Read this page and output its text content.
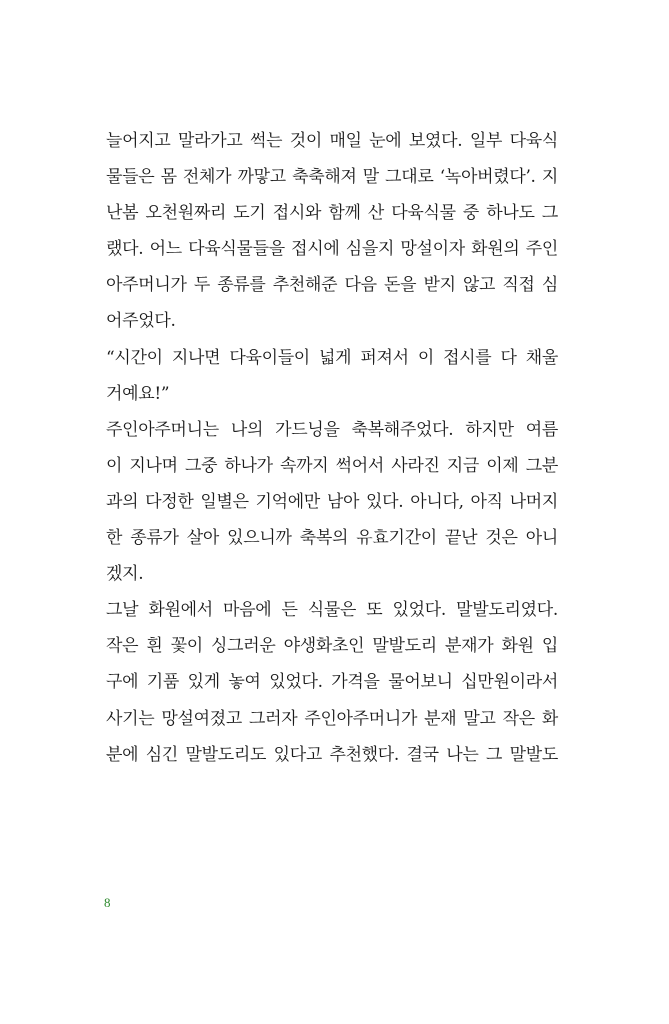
늘어지고 말라가고 썩는 것이 매일 눈에 보였다. 일부 다육식
물들은 몸 전체가 까맣고 축축해져 말 그대로 ‘녹아버렸다’. 지
난봄 오천원짜리 도기 접시와 함께 산 다육식물 중 하나도 그
랬다. 어느 다육식물들을 접시에 심을지 망설이자 화원의 주인
아주머니가 두 종류를 추천해준 다음 돈을 받지 않고 직접 심
어주었다.
“시간이 지나면 다육이들이 넓게 퍼져서 이 접시를 다 채울
거예요!”
주인아주머니는 나의 가드닝을 축복해주었다. 하지만 여름
이 지나며 그중 하나가 속까지 썩어서 사라진 지금 이제 그분
과의 다정한 일별은 기억에만 남아 있다. 아니다, 아직 나머지
한 종류가 살아 있으니까 축복의 유효기간이 끝난 것은 아니
겠지.
그날 화원에서 마음에 든 식물은 또 있었다. 말발도리였다.
작은 흰 꽃이 싱그러운 야생화초인 말발도리 분재가 화원 입
구에 기품 있게 놓여 있었다. 가격을 물어보니 십만원이라서
사기는 망설여졌고 그러자 주인아주머니가 분재 말고 작은 화
분에 심긴 말발도리도 있다고 추천했다. 결국 나는 그 말발도
8
